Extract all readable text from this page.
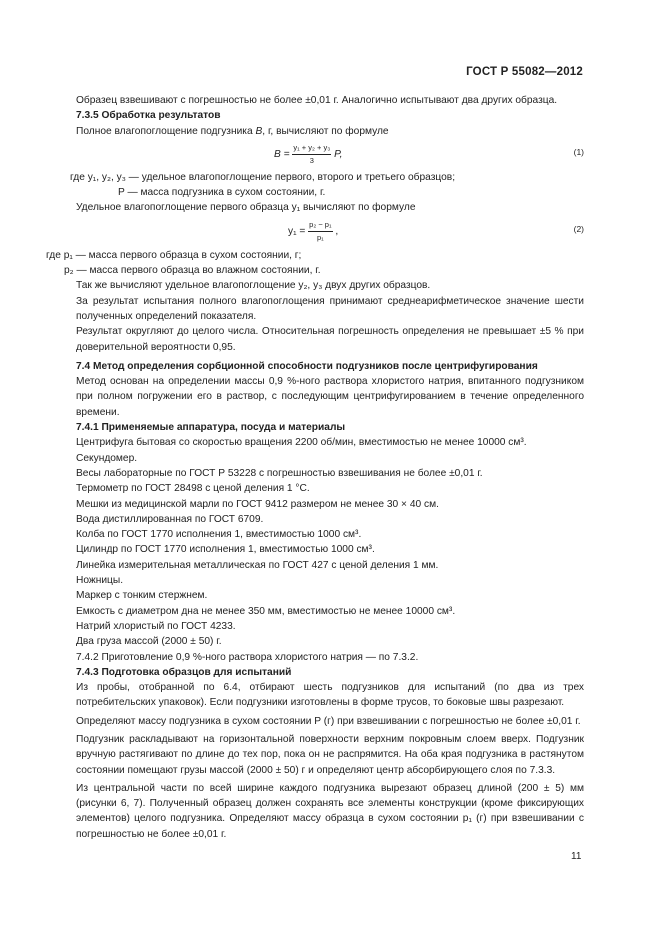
ГОСТ Р 55082—2012

Образец взвешивают с погрешностью не более ±0,01 г. Аналогично испытывают два других образца.

7.3.5 Обработка результатов

Полное влагопоглощение подгузника B, г, вычисляют по формуле

$B = \frac{\text{y₁ + y₂ + y₃}}{3} P$,	(1)

где y₁, y₂, y₃ — удельное влагопоглощение первого, второго и третьего образцов;

P — масса подгузника в сухом состоянии, г.

Удельное влагопоглощение первого образца y₁ вычисляют по формуле

$y_1 = \frac{\text{p₂ − p₁}}{\text{p₁}}$ ,	(2)

где p₁ — масса первого образца в сухом состоянии, г;

p₂ — масса первого образца во влажном состоянии, г.

Так же вычисляют удельное влагопоглощение y₂, y₃ двух других образцов.

За результат испытания полного влагопоглощения принимают среднеарифметическое значение шести полученных определений показателя.

Результат округляют до целого числа. Относительная погрешность определения не превышает ±5 % при доверительной вероятности 0,95.

7.4 Метод определения сорбционной способности подгузников после центрифугирования

Метод основан на определении массы 0,9 %-ного раствора хлористого натрия, впитанного подгузником при полном погружении его в раствор, с последующим центрифугированием в течение определенного времени.

7.4.1 Применяемые аппаратура, посуда и материалы

Центрифуга бытовая со скоростью вращения 2200 об/мин, вместимостью не менее 10000 см³.

Секундомер.

Весы лабораторные по ГОСТ Р 53228 с погрешностью взвешивания не более ±0,01 г.

Термометр по ГОСТ 28498 с ценой деления 1 °С.

Мешки из медицинской марли по ГОСТ 9412 размером не менее 30 × 40 см.

Вода дистиллированная по ГОСТ 6709.

Колба по ГОСТ 1770 исполнения 1, вместимостью 1000 см³.

Цилиндр по ГОСТ 1770 исполнения 1, вместимостью 1000 см³.

Линейка измерительная металлическая по ГОСТ 427 с ценой деления 1 мм.

Ножницы.

Маркер с тонким стержнем.

Емкость с диаметром дна не менее 350 мм, вместимостью не менее 10000 см³.

Натрий хлористый по ГОСТ 4233.

Два груза массой (2000 ± 50) г.

7.4.2 Приготовление 0,9 %-ного раствора хлористого натрия — по 7.3.2.

7.4.3 Подготовка образцов для испытаний

Из пробы, отобранной по 6.4, отбирают шесть подгузников для испытаний (по два из трех потребительских упаковок). Если подгузники изготовлены в форме трусов, то боковые швы разрезают.

Определяют массу подгузника в сухом состоянии P (г) при взвешивании с погрешностью не более ±0,01 г.

Подгузник раскладывают на горизонтальной поверхности верхним покровным слоем вверх. Подгузник вручную растягивают по длине до тех пор, пока он не распрямится. На оба края подгузника в растянутом состоянии помещают грузы массой (2000 ± 50) г и определяют центр абсорбирующего слоя по 7.3.3.

Из центральной части по всей ширине каждого подгузника вырезают образец длиной (200 ± 5) мм (рисунки 6, 7). Полученный образец должен сохранять все элементы конструкции (кроме фиксирующих элементов) целого подгузника. Определяют массу образца в сухом состоянии p₁ (г) при взвешивании с погрешностью не более ±0,01 г.

11
